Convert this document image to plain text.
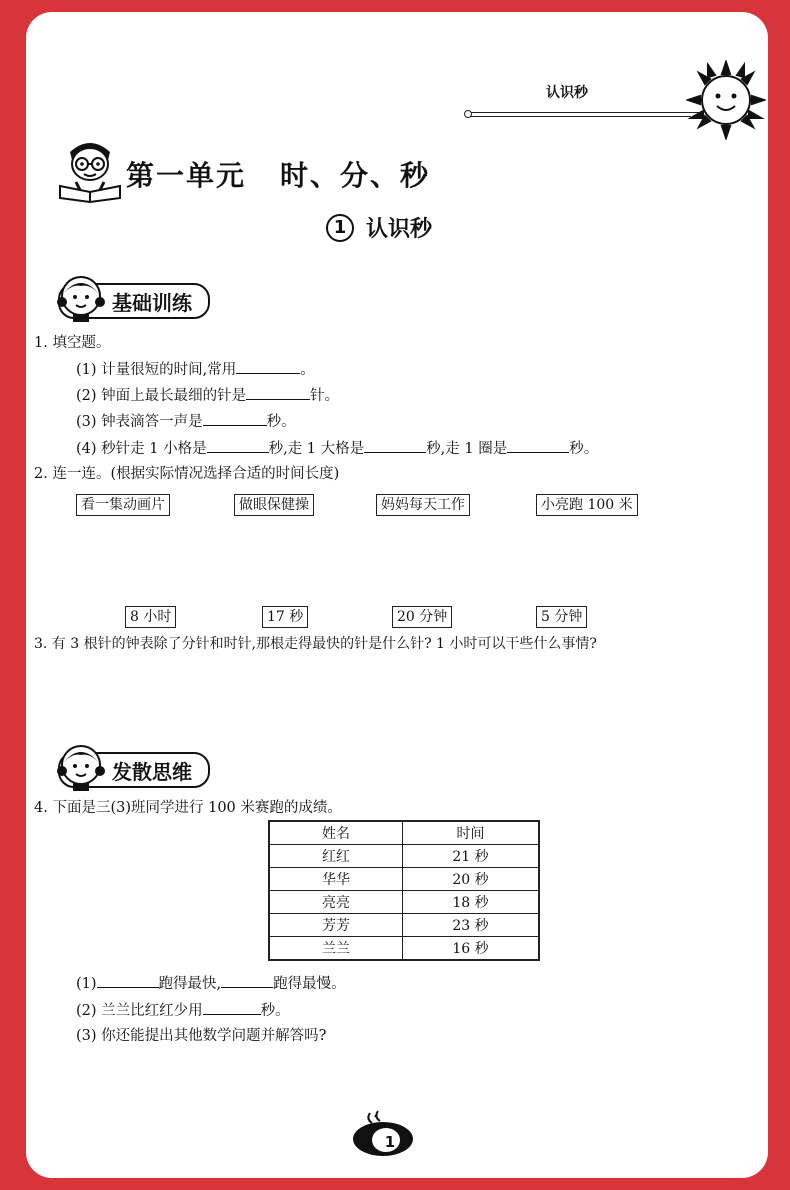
认识秒
第一单元 时、分、秒
1 认识秒
基础训练
1. 填空题。
(1) 计量很短的时间,常用	。
(2) 钟面上最长最细的针是	针。
(3) 钟表滴答一声是	秒。
(4) 秒针走 1 小格是	秒,走 1 大格是	秒,走 1 圈是	秒。
2. 连一连。(根据实际情况选择合适的时间长度)
看一集动画片	做眼保健操	妈妈每天工作	小亮跑 100 米
8 小时	17 秒	20 分钟	5 分钟
3. 有 3 根针的钟表除了分针和时针,那根走得最快的针是什么针? 1 小时可以干些什么事情?
发散思维
4. 下面是三(3)班同学进行 100 米赛跑的成绩。
姓名	时间
红红	21 秒
华华	20 秒
亮亮	18 秒
芳芳	23 秒
兰兰	16 秒
(1)	跑得最快,	跑得最慢。
(2) 兰兰比红红少用	秒。
(3) 你还能提出其他数学问题并解答吗?
1
